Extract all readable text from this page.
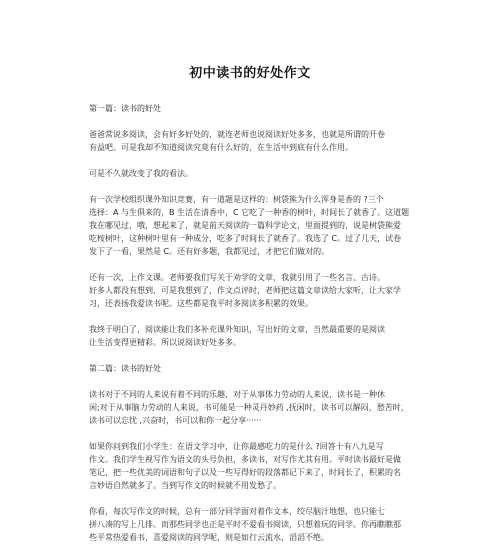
初中读书的好处作文

第一篇：读书的好处

爸爸常说多阅读，会有好多好处的，就连老师也说阅读好处多多，也就是所谓的开卷
有益吧。可是我却不知道阅读究竟有什么好的，在生活中到底有什么作用。

可是不久就改变了我的看法。

有一次学校组织课外知识竞赛，有一道题是这样的：树袋熊为什么浑身是香的 ?三个
选择：A 与生俱来的，B 生活在清香中，C 它吃了一种香的树叶，时间长了就香了。这道题
我在哪见过，哦，想起来了，就是前天阅读的一篇科学论文，里面提到的，说是树袋熊爱
吃桉树叶，这种树叶里有一种成分，吃多了时间长了就香了。我选了 C。过了几天，试卷
发下了一看，果然是 C。还有好多题，我都见过，才把它们做对的。

还有一次，上作文课。老师要我们写关于劝学的文章，我就引用了一些名言、古诗。
好多人都没有想到，可是我想到了，作文点评时，老师把这篇文章读给大家听，让大家学
习，还表扬我爱读书呢。这些都是我平时多阅读多积累的效果。

我终于明白了，阅读能让我们多补充课外知识，写出好的文章，当然最重要的是阅读
让生活变得更精彩。所以说阅读好处多多。

第二篇：读书的好处

读书对于不同的人来说有着不同的乐趣，对于从事体力劳动的人来说，读书是一种休
闲;对于从事脑力劳动的人来说，书可能是一种灵丹妙药 ,抚闲时，读书可以解闷，愁苦时，
读书可以忘忧 ,兴奋时，书可以和你一起分享······

如果你问到我们小学生：在语文学习中，让你最感吃力的是什么 ?回答十有八九是写
作文。我们学生视写作为语文的头号负担，多读书，对写作尤其有用。平时读书最好是做
笔记，把一些优美的词语和句子以及一些写得好的段落都记下来了，时间长了，积累的名
言妙语自然就多了。当到写作文的时候就不用发愁了。

你看，每次写作文的时候，总有一部分同学面对着作文本，绞尽脑汁地想，也只能七
拼八凑的写上几排。而那些同学也正是平时不爱看书阅读，只想着玩的同学。你再瞧瞧那
些平常热爱看书，喜爱阅读的同学呢，则是如行云流水，滔滔不绝。
